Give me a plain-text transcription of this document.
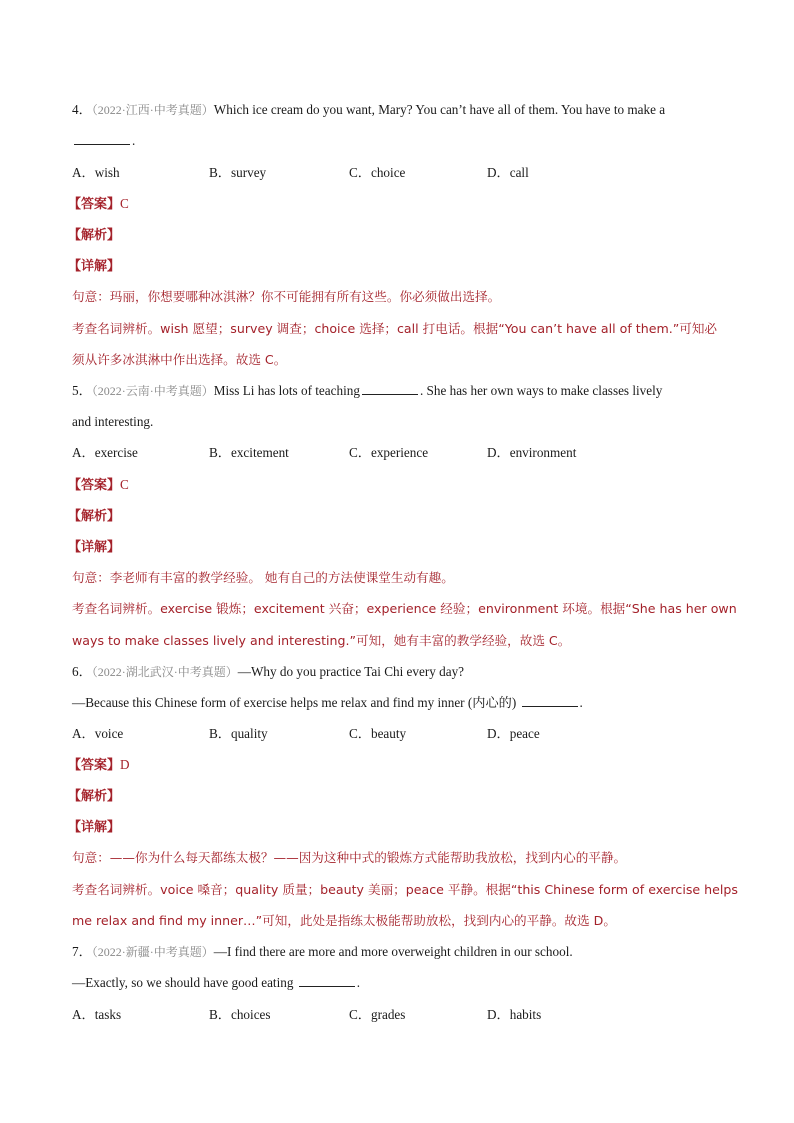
4．（2022·江西·中考真题）Which ice cream do you want, Mary? You can’t have all of them. You have to make a
.
A．wish	B．survey	C．choice	D．call
【答案】C
【解析】
【详解】
句意：玛丽，你想要哪种冰淇淋？你不可能拥有所有这些。你必须做出选择。
考查名词辨析。wish 愿望；survey 调查；choice 选择；call 打电话。根据“You can’t have all of them.”可知必
须从许多冰淇淋中作出选择。故选 C。
5．（2022·云南·中考真题）Miss Li has lots of teaching	. She has her own ways to make classes lively
and interesting.
A．exercise	B．excitement	C．experience	D．environment
【答案】C
【解析】
【详解】
句意：李老师有丰富的教学经验。 她有自己的方法使课堂生动有趣。
考查名词辨析。exercise 锻炼；excitement 兴奋；experience 经验；environment 环境。根据“She has her own
ways to make classes lively and interesting.”可知，她有丰富的教学经验，故选 C。
6．（2022·湖北武汉·中考真题）—Why do you practice Tai Chi every day?
—Because this Chinese form of exercise helps me relax and find my inner (内心的)	.
A．voice	B．quality	C．beauty	D．peace
【答案】D
【解析】
【详解】
句意：——你为什么每天都练太极？——因为这种中式的锻炼方式能帮助我放松，找到内心的平静。
考查名词辨析。voice 嗓音；quality 质量；beauty 美丽；peace 平静。根据“this Chinese form of exercise helps
me relax and find my inner…”可知，此处是指练太极能帮助放松，找到内心的平静。故选 D。
7．（2022·新疆·中考真题）—I find there are more and more overweight children in our school.
—Exactly, so we should have good eating	.
A．tasks	B．choices	C．grades	D．habits
